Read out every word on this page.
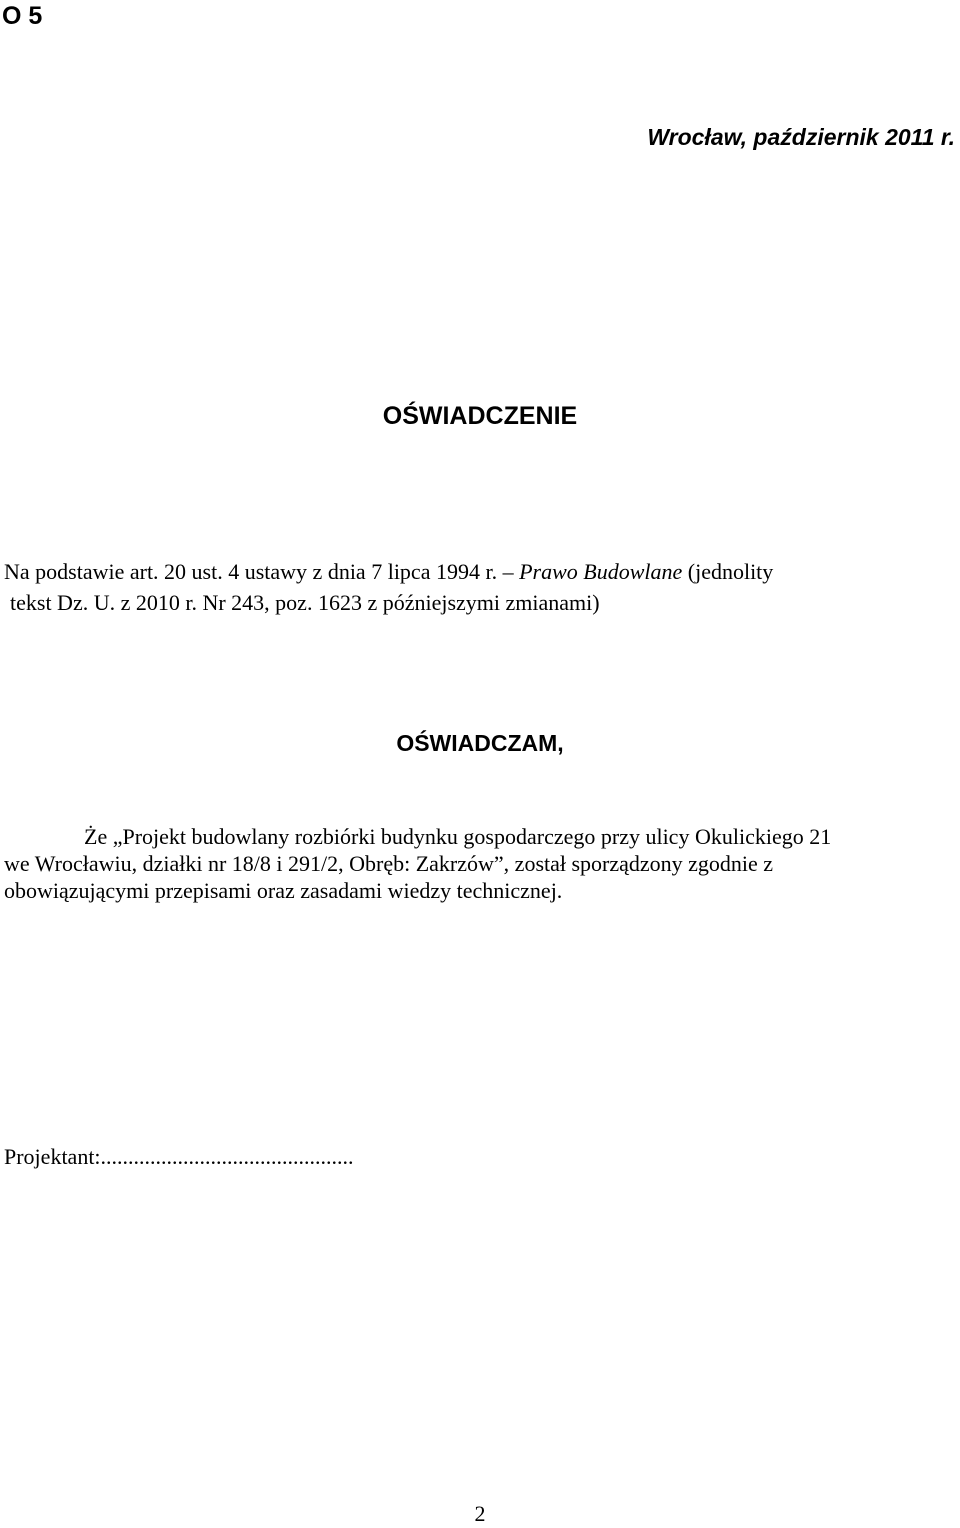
O 5
Wrocław, październik 2011 r.
OŚWIADCZENIE
Na podstawie art. 20 ust. 4 ustawy z dnia 7 lipca 1994 r. – Prawo Budowlane (jednolity
tekst Dz. U. z 2010 r. Nr 243, poz. 1623 z późniejszymi zmianami)
OŚWIADCZAM,
Że „Projekt budowlany rozbiórki budynku gospodarczego przy ulicy Okulickiego 21
we Wrocławiu, działki nr 18/8 i 291/2, Obręb: Zakrzów”, został sporządzony zgodnie z
obowiązującymi przepisami oraz zasadami wiedzy technicznej.
Projektant:..............................................
2
